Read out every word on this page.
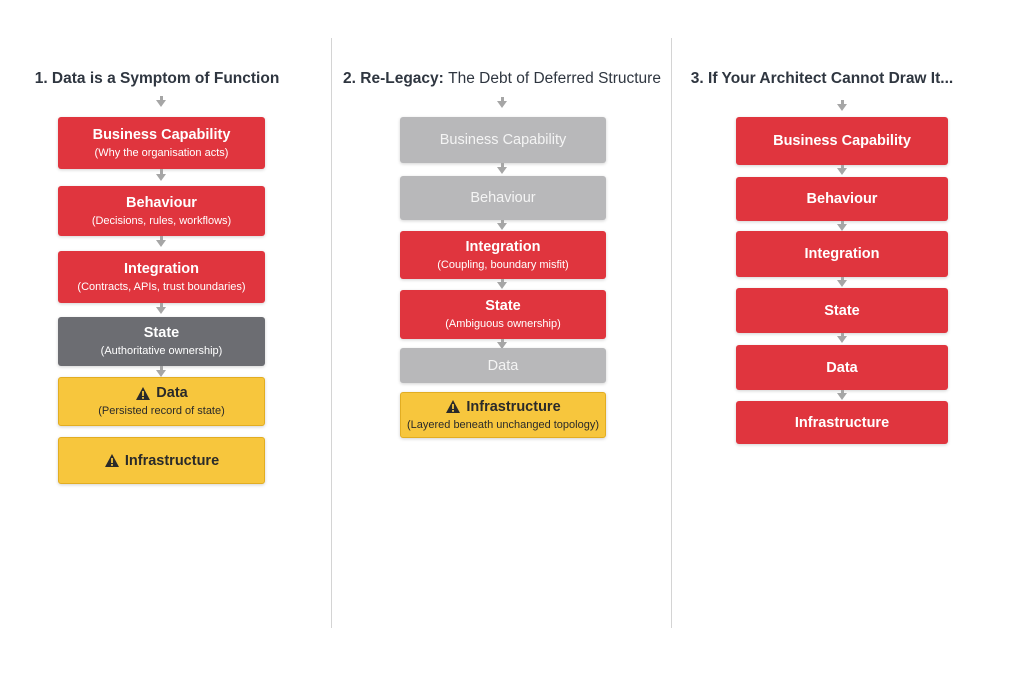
1. Data is a Symptom of Function
Business Capability
(Why the organisation acts)
Behaviour
(Decisions, rules, workflows)
Integration
(Contracts, APIs, trust boundaries)
State
(Authoritative ownership)
Data
(Persisted record of state)
Infrastructure
2. Re-Legacy: The Debt of Deferred Structure
Business Capability
Behaviour
Integration
(Coupling, boundary misfit)
State
(Ambiguous ownership)
Data
Infrastructure
(Layered beneath unchanged topology)
3. If Your Architect Cannot Draw It...
Business Capability
Behaviour
Integration
State
Data
Infrastructure
